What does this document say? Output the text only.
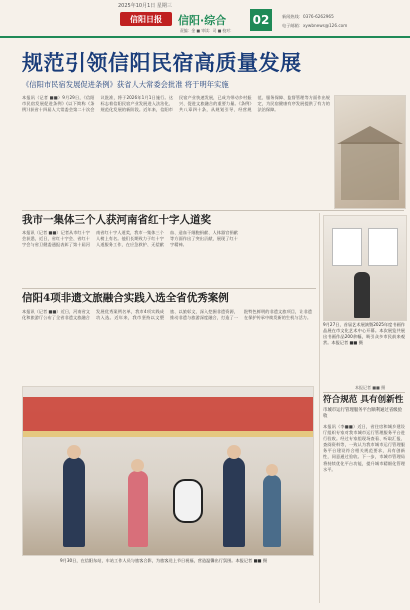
2025年10月1日 星期三
信阳日报	信阳·综合
责编：金 ■ 审读：司 ■ 校对：
02	新闻热线：0376-6262965
电子邮箱：xywbnews@126.com
规范引领信阳民宿高质量发展
《信阳市民宿发展促进条例》获省人大常委会批准 将于明年实施
本报讯（记者 ■■）9月29日，《信阳市民宿发展促进条例》(以下简称《条例》)获省十四届人大常委会第二十次会议批准，将于2026年1月1日施行。这标志着信阳民宿产业发展进入法治化、规范化发展的新阶段。近年来，信阳市民宿产业快速发展，已成为带动乡村振兴、促进文旅融合的重要力量。《条例》共八章四十条，从规划引导、经营规范、服务保障、监督管理等方面作出规定，为民宿健康有序发展提供了有力的法治保障。
我市一集体三个人获河南省红十字人道奖
本报讯（记者 ■■）记者从市红十字会获悉，近日，省红十字会、省红十字会与省卫健委通报表彰了第十届河南省红十字人道奖，我市一集体三个人榜上有名。他们长期致力于红十字人道服务工作，在应急救护、无偿献血、造血干细胞捐献、人体器官捐献等方面作出了突出贡献，展现了红十字精神。
信阳4项非遗文旅融合实践入选全省优秀案例
本报讯（记者 ■■）近日，河南省文化和旅游厅公布了全省非遗文旅融合发展优秀案例名单，我市4项实践成功入选。近年来，我市坚持以文塑旅、以旅彰文，深入挖掘非遗资源，推动非遗与旅游深度融合，打造了一批特色鲜明的非遗文旅项目，让非遗在保护传承中焕发新的生机与活力。
9月30日，在信阳东站，车站工作人员与旅客合影，为旅客送上节日祝福，营造温馨出行氛围。本报记者 ■■ 摄
9月27日，首届艺术展演暨2025年度书画作品展在市文化艺术中心开幕。本次展览共展出书画作品200余幅，吸引众多市民前来观赏。本报记者 ■■ 摄
本报记者 ■■ 摄
符合规范 具有创新性
市城市运行管理服务平台顺利通过省级验收
本报讯（李■■）近日，省住房和城乡建设厅组织专家对我市城市运行管理服务平台进行验收。经过专家组现场查看、听取汇报、查阅资料等，一致认为我市城市运行管理服务平台建设符合相关规范要求，具有创新性，同意通过验收。下一步，市城市管理局将持续优化平台功能，提升城市精细化管理水平。
